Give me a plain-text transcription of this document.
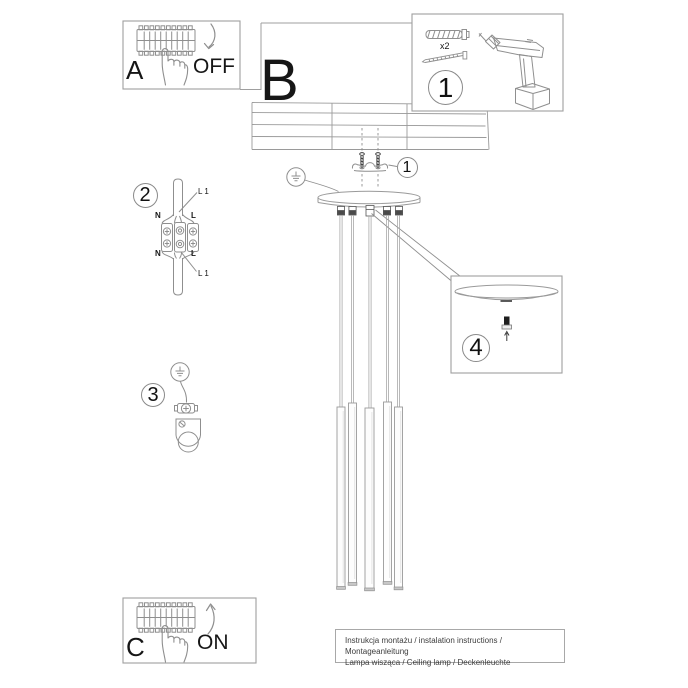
A OFF B
C ON
1
x2
1
2
3
4
L 1
L 1
N	L
N	L
Instrukcja montażu / instalation instructions / Montageanleitung
Lampa wisząca / Ceiling lamp / Deckenleuchte
